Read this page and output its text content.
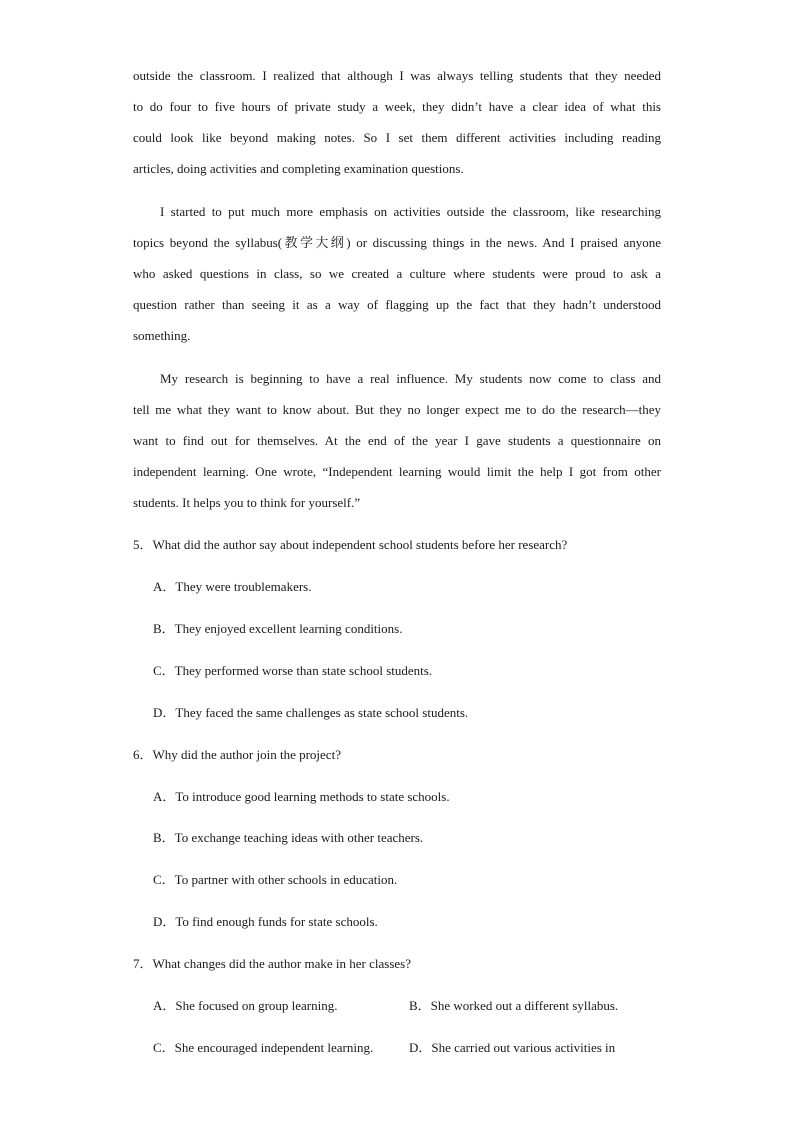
outside the classroom. I realized that although I was always telling students that they needed
to do four to five hours of private study a week, they didn’t have a clear idea of what this
could look like beyond making notes. So I set them different activities including reading
articles, doing activities and completing examination questions.
I started to put much more emphasis on activities outside the classroom, like researching
topics beyond the syllabus(教学大纲) or discussing things in the news. And I praised anyone
who asked questions in class, so we created a culture where students were proud to ask a
question rather than seeing it as a way of flagging up the fact that they hadn’t understood
something.
My research is beginning to have a real influence. My students now come to class and
tell me what they want to know about. But they no longer expect me to do the research—they
want to find out for themselves. At the end of the year I gave students a questionnaire on
independent learning. One wrote, “Independent learning would limit the help I got from other
students. It helps you to think for yourself.”

5．What did the author say about independent school students before her research?

A．They were troublemakers.

B．They enjoyed excellent learning conditions.

C．They performed worse than state school students.

D．They faced the same challenges as state school students.

6．Why did the author join the project?

A．To introduce good learning methods to state schools.

B．To exchange teaching ideas with other teachers.

C．To partner with other schools in education.

D．To find enough funds for state schools.

7．What changes did the author make in her classes?

A．She focused on group learning.	B．She worked out a different syllabus.

C．She encouraged independent learning.	D．She carried out various activities in
